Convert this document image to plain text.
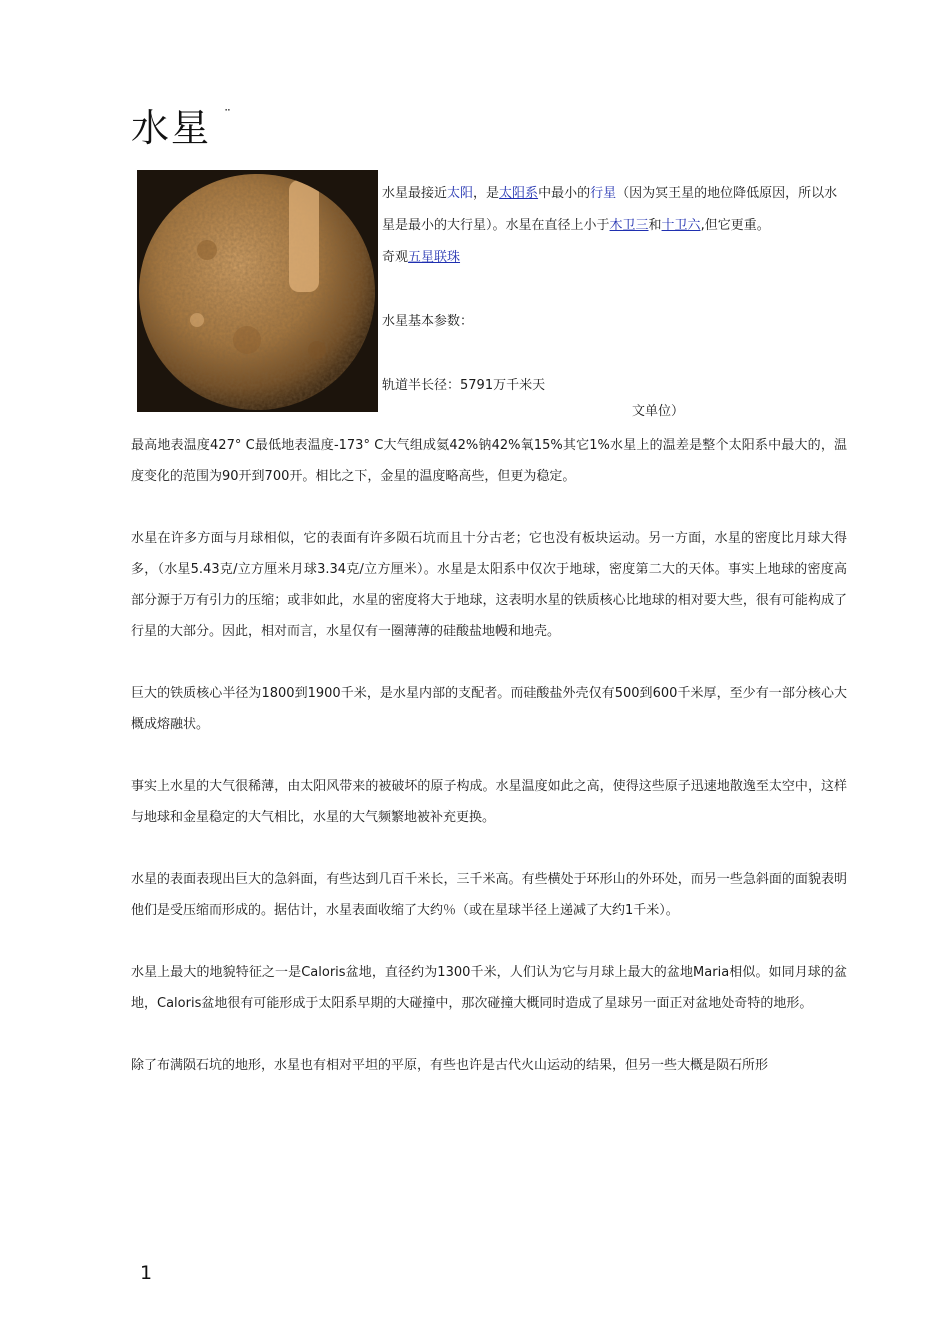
水星 ¨

水星最接近太阳，是太阳系中最小的行星（因为冥王星的地位降低原因，所以水星是最小的大行星）。水星在直径上小于木卫三和十卫六,但它更重。

奇观五星联珠

水星基本参数：

轨道半长径：5791万千米天

文单位）

最高地表温度427° C最低地表温度-173° C大气组成氦42%钠42%氧15%其它1%水星上的温差是整个太阳系中最大的，温度变化的范围为90开到700开。相比之下，金星的温度略高些，但更为稳定。

水星在许多方面与月球相似，它的表面有许多陨石坑而且十分古老；它也没有板块运动。另一方面，水星的密度比月球大得多，（水星5.43克/立方厘米月球3.34克/立方厘米）。水星是太阳系中仅次于地球，密度第二大的天体。事实上地球的密度高部分源于万有引力的压缩；或非如此，水星的密度将大于地球，这表明水星的铁质核心比地球的相对要大些，很有可能构成了行星的大部分。因此，相对而言，水星仅有一圈薄薄的硅酸盐地幔和地壳。

巨大的铁质核心半径为1800到1900千米，是水星内部的支配者。而硅酸盐外壳仅有500到600千米厚，至少有一部分核心大概成熔融状。

事实上水星的大气很稀薄，由太阳风带来的被破坏的原子构成。水星温度如此之高，使得这些原子迅速地散逸至太空中，这样与地球和金星稳定的大气相比，水星的大气频繁地被补充更换。

水星的表面表现出巨大的急斜面，有些达到几百千米长，三千米高。有些横处于环形山的外环处，而另一些急斜面的面貌表明他们是受压缩而形成的。据估计，水星表面收缩了大约％（或在星球半径上递减了大约1千米）。

水星上最大的地貌特征之一是Caloris盆地，直径约为1300千米，人们认为它与月球上最大的盆地Maria相似。如同月球的盆地，Caloris盆地很有可能形成于太阳系早期的大碰撞中，那次碰撞大概同时造成了星球另一面正对盆地处奇特的地形。

除了布满陨石坑的地形，水星也有相对平坦的平原，有些也许是古代火山运动的结果，但另一些大概是陨石所形

1
